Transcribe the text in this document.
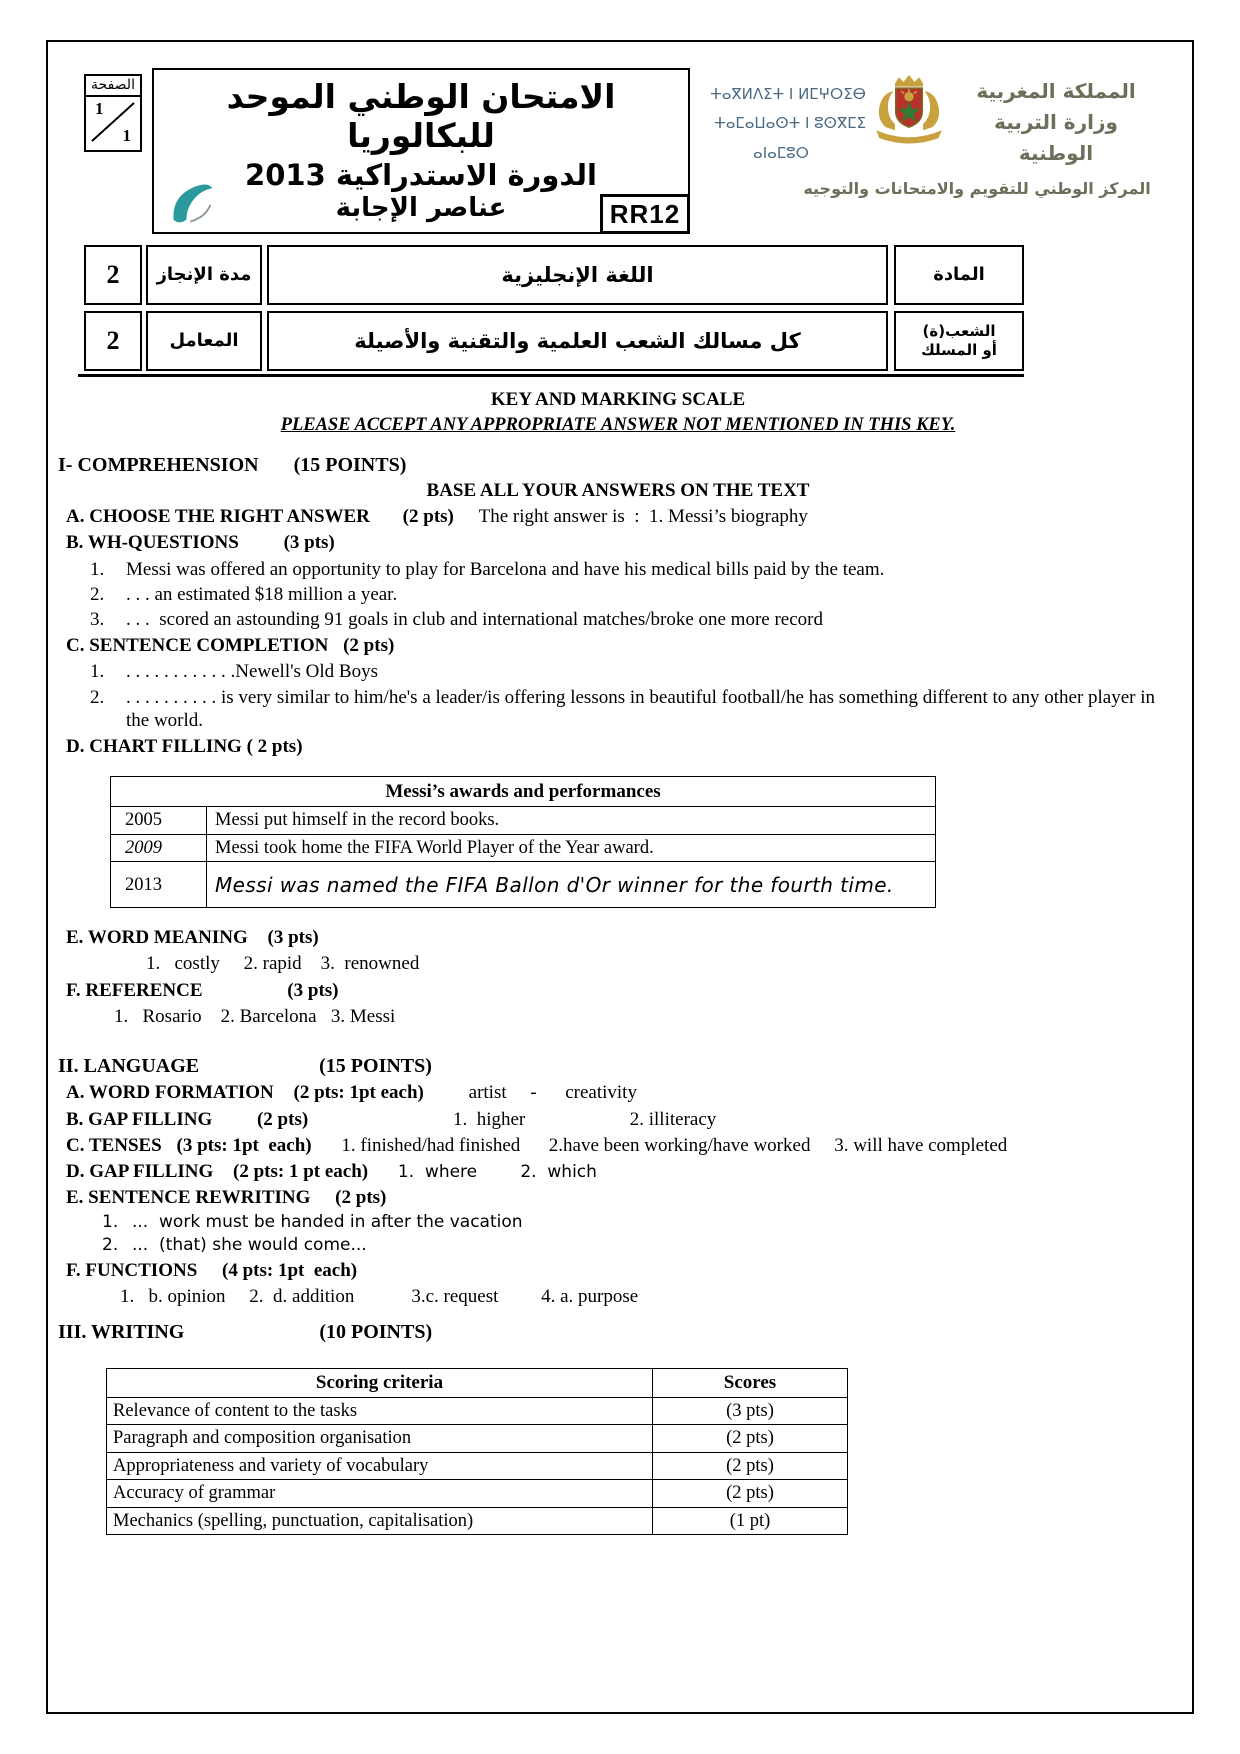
الصفحة
1
1
الامتحان الوطني الموحد للبكالوريا
الدورة الاستدراكية 2013
عناصر الإجابة	RR12
ⵜⴰⴳⵍⴷⵉⵜ ⵏ ⵍⵎⵖⵔⵉⴱ
ⵜⴰⵎⴰⵡⴰⵙⵜ ⵏ ⵓⵙⴳⵎⵉ
ⴰⵏⴰⵎⵓⵔ
المملكة المغربية
وزارة التربية الوطنية
المركز الوطني للتقويم والامتحانات والتوجيه
2	مدة الإنجاز	اللغة الإنجليزية	المادة
2	المعامل	كل مسالك الشعب العلمية والتقنية والأصيلة	الشعب(ة)
أو المسلك
KEY AND MARKING SCALE
PLEASE ACCEPT ANY APPROPRIATE ANSWER NOT MENTIONED IN THIS KEY.
I- COMPREHENSION (15 POINTS)
BASE ALL YOUR ANSWERS ON THE TEXT
A. CHOOSE THE RIGHT ANSWER (2 pts) The right answer is  :  1. Messi’s biography
B. WH-QUESTIONS (3 pts)
1.	Messi was offered an opportunity to play for Barcelona and have his medical bills paid by the team.
2.	. . . an estimated $18 million a year.
3.	. . .  scored an astounding 91 goals in club and international matches/broke one more record
C. SENTENCE COMPLETION (2 pts)
1.	. . . . . . . . . . . .Newell's Old Boys
2.	. . . . . . . . . . is very similar to him/he's a leader/is offering lessons in beautiful football/he has something different to any other player in the world.
D. CHART FILLING ( 2 pts)
Messi’s awards and performances	
2005	Messi put himself in the record books.
2009	Messi took home the FIFA World Player of the Year award.
2013	Messi was named the FIFA Ballon d'Or winner for the fourth time.
E. WORD MEANING (3 pts)
1.   costly     2. rapid    3.  renowned
F. REFERENCE	(3 pts)
1.   Rosario    2. Barcelona   3. Messi
II. LANGUAGE	(15 POINTS)
A. WORD FORMATION (2 pts: 1pt each) artist     -      creativity
B. GAP FILLING (2 pts)	1.  higher                      2. illiteracy
C. TENSES (3 pts: 1pt  each) 1. finished/had finished      2.have been working/have worked     3. will have completed
D. GAP FILLING (2 pts: 1 pt each) 1.  where        2.  which
E. SENTENCE REWRITING (2 pts)
1. ...  work must be handed in after the vacation
2. ...  (that) she would come...
F. FUNCTIONS (4 pts: 1pt  each)
1.   b. opinion     2.  d. addition            3.c. request         4. a. purpose
III. WRITING	(10 POINTS)
Scoring criteria	Scores
Relevance of content to the tasks	(3 pts)
Paragraph and composition organisation	(2 pts)
Appropriateness and variety of vocabulary	(2 pts)
Accuracy of grammar	(2 pts)
Mechanics (spelling, punctuation, capitalisation)	(1 pt)
